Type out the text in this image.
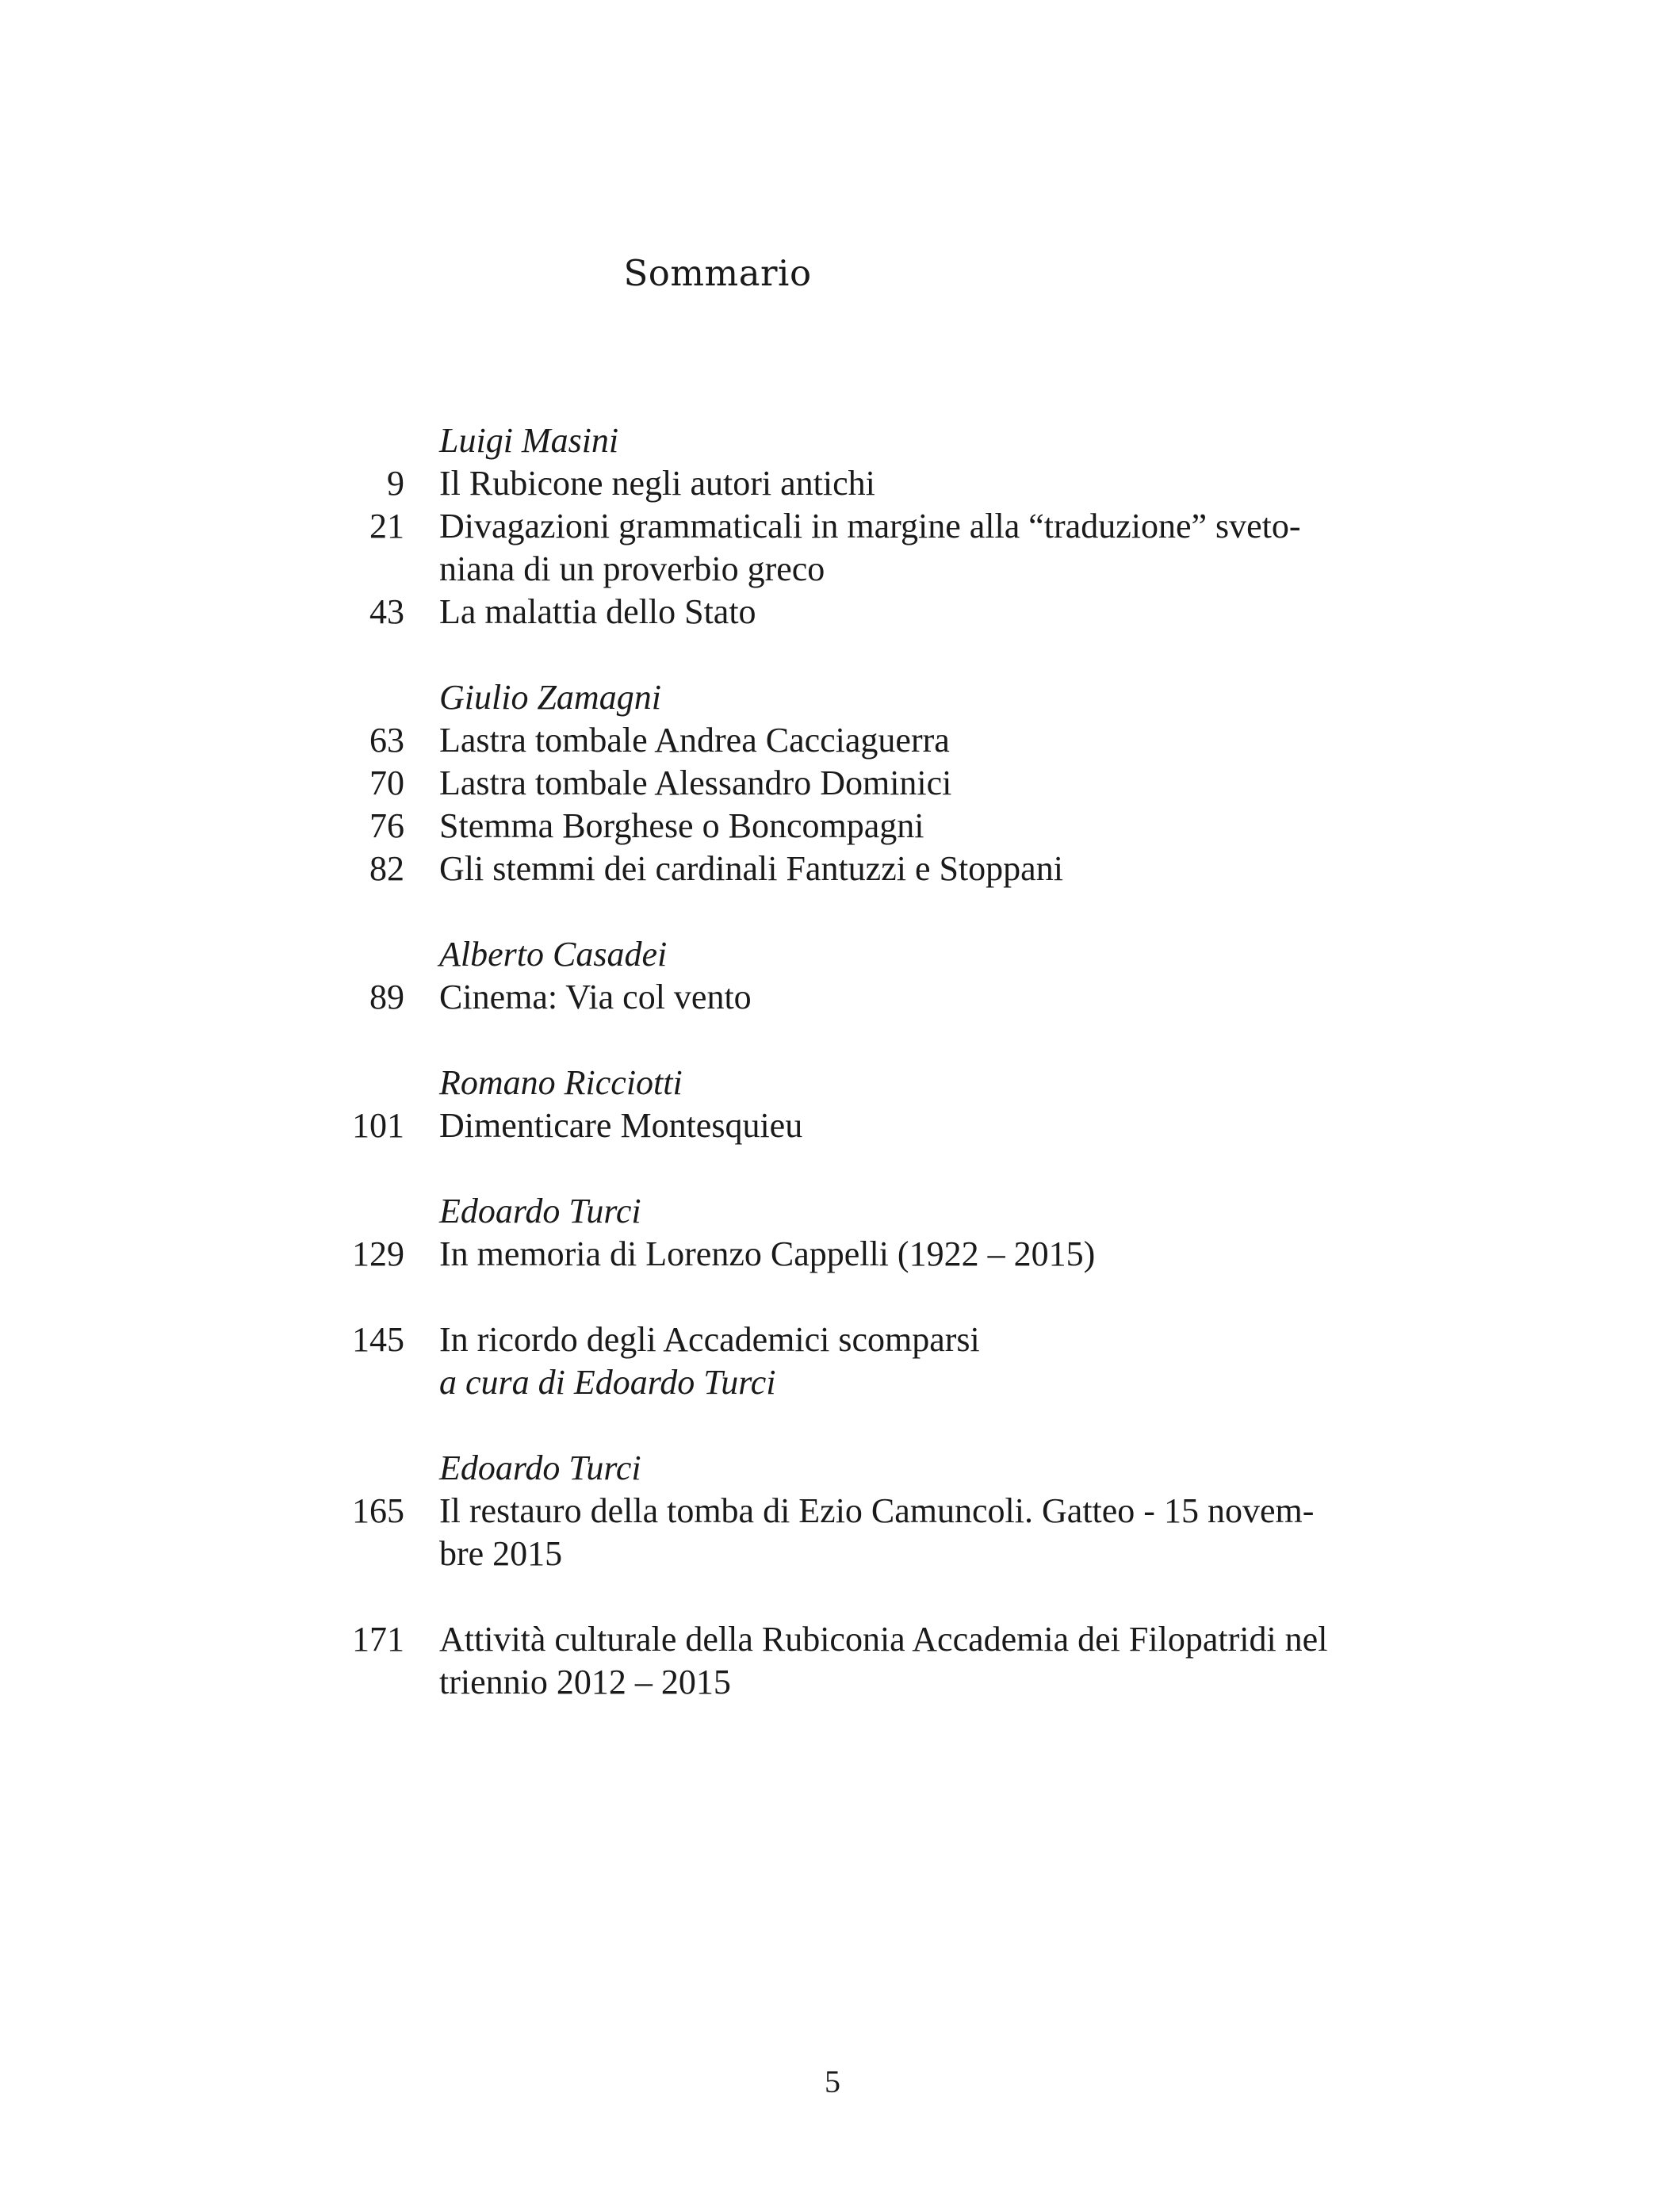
Sommario
Luigi Masini
9	Il Rubicone negli autori antichi
21	Divagazioni grammaticali in margine alla “traduzione” sveto-niana di un proverbio greco
43	La malattia dello Stato
Giulio Zamagni
63	Lastra tombale Andrea Cacciaguerra
70	Lastra tombale Alessandro Dominici
76	Stemma Borghese o Boncompagni
82	Gli stemmi dei cardinali Fantuzzi e Stoppani
Alberto Casadei
89	Cinema: Via col vento
Romano Ricciotti
101	Dimenticare Montesquieu
Edoardo Turci
129	In memoria di Lorenzo Cappelli (1922 – 2015)
145	In ricordo degli Accademici scomparsi
a cura di Edoardo Turci
Edoardo Turci
165	Il restauro della tomba di Ezio Camuncoli. Gatteo - 15 novem-bre 2015
171	Attività culturale della Rubiconia Accademia dei Filopatridi nel triennio 2012 – 2015

5
